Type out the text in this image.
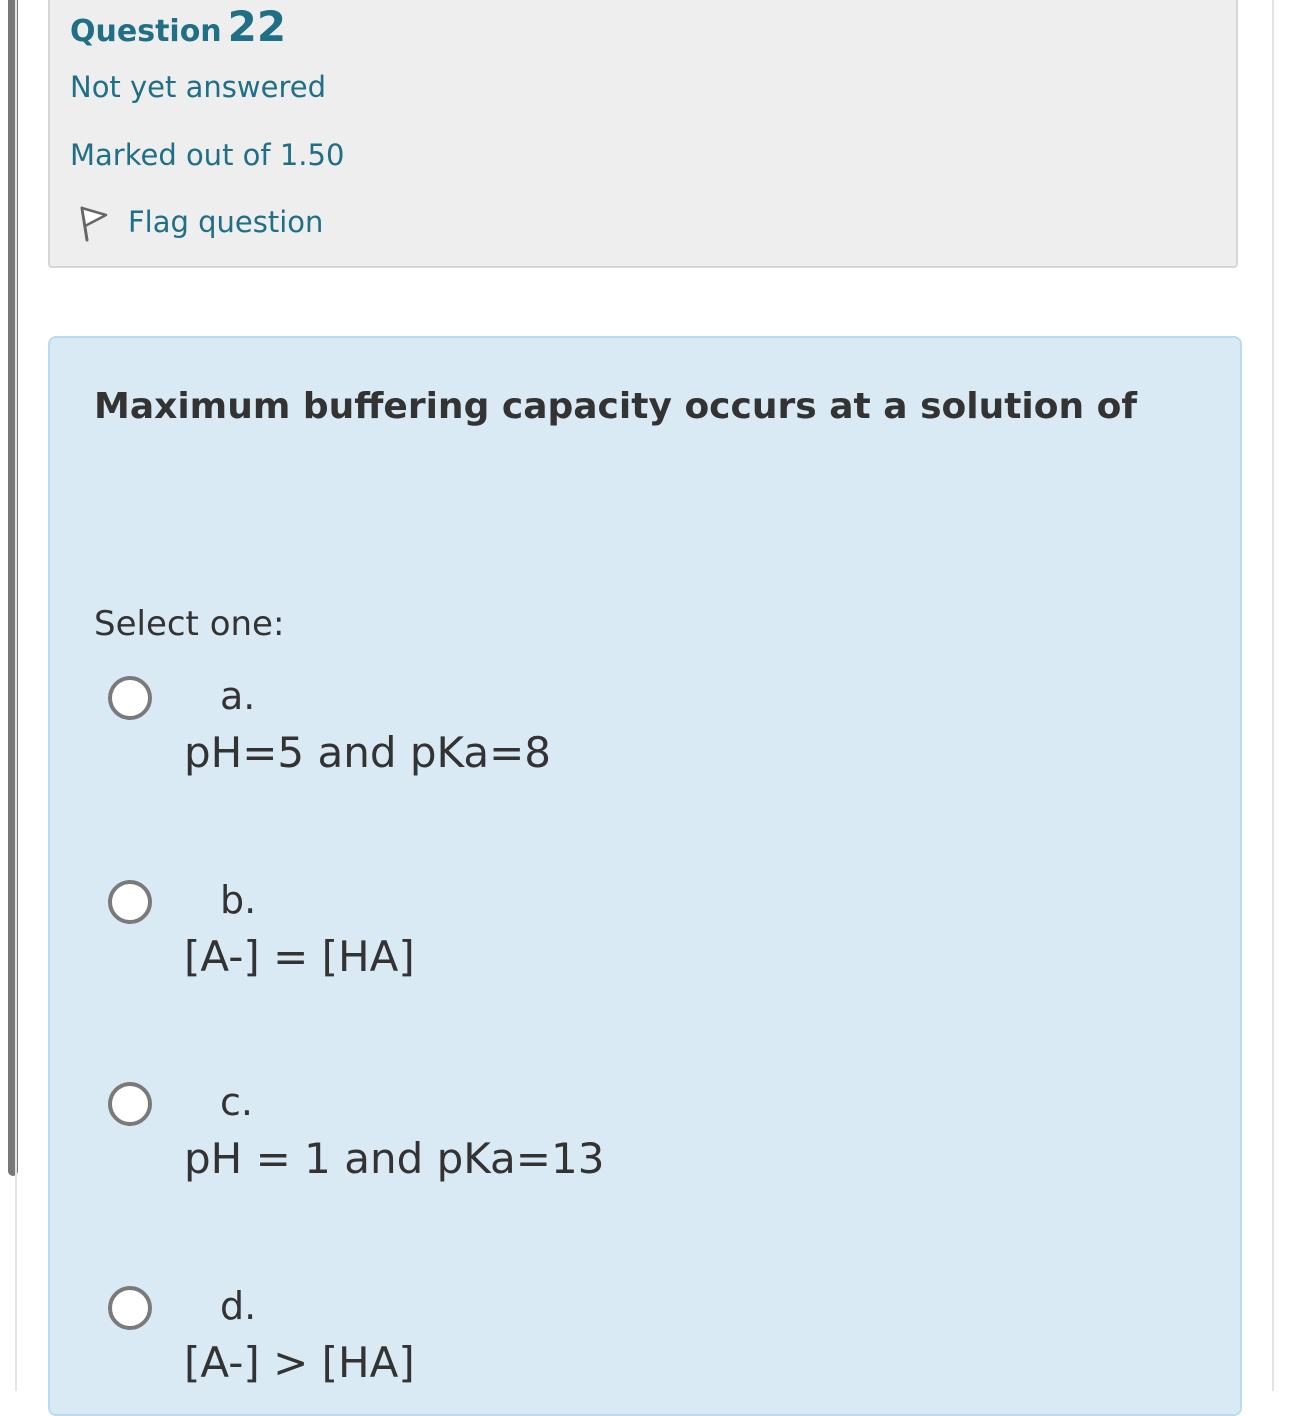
Question 22
Not yet answered
Marked out of 1.50
Flag question
Maximum buffering capacity occurs at a solution of
Select one:
a.
pH=5 and pKa=8
b.
[A-] = [HA]
c.
pH = 1 and pKa=13
d.
[A-] > [HA]
